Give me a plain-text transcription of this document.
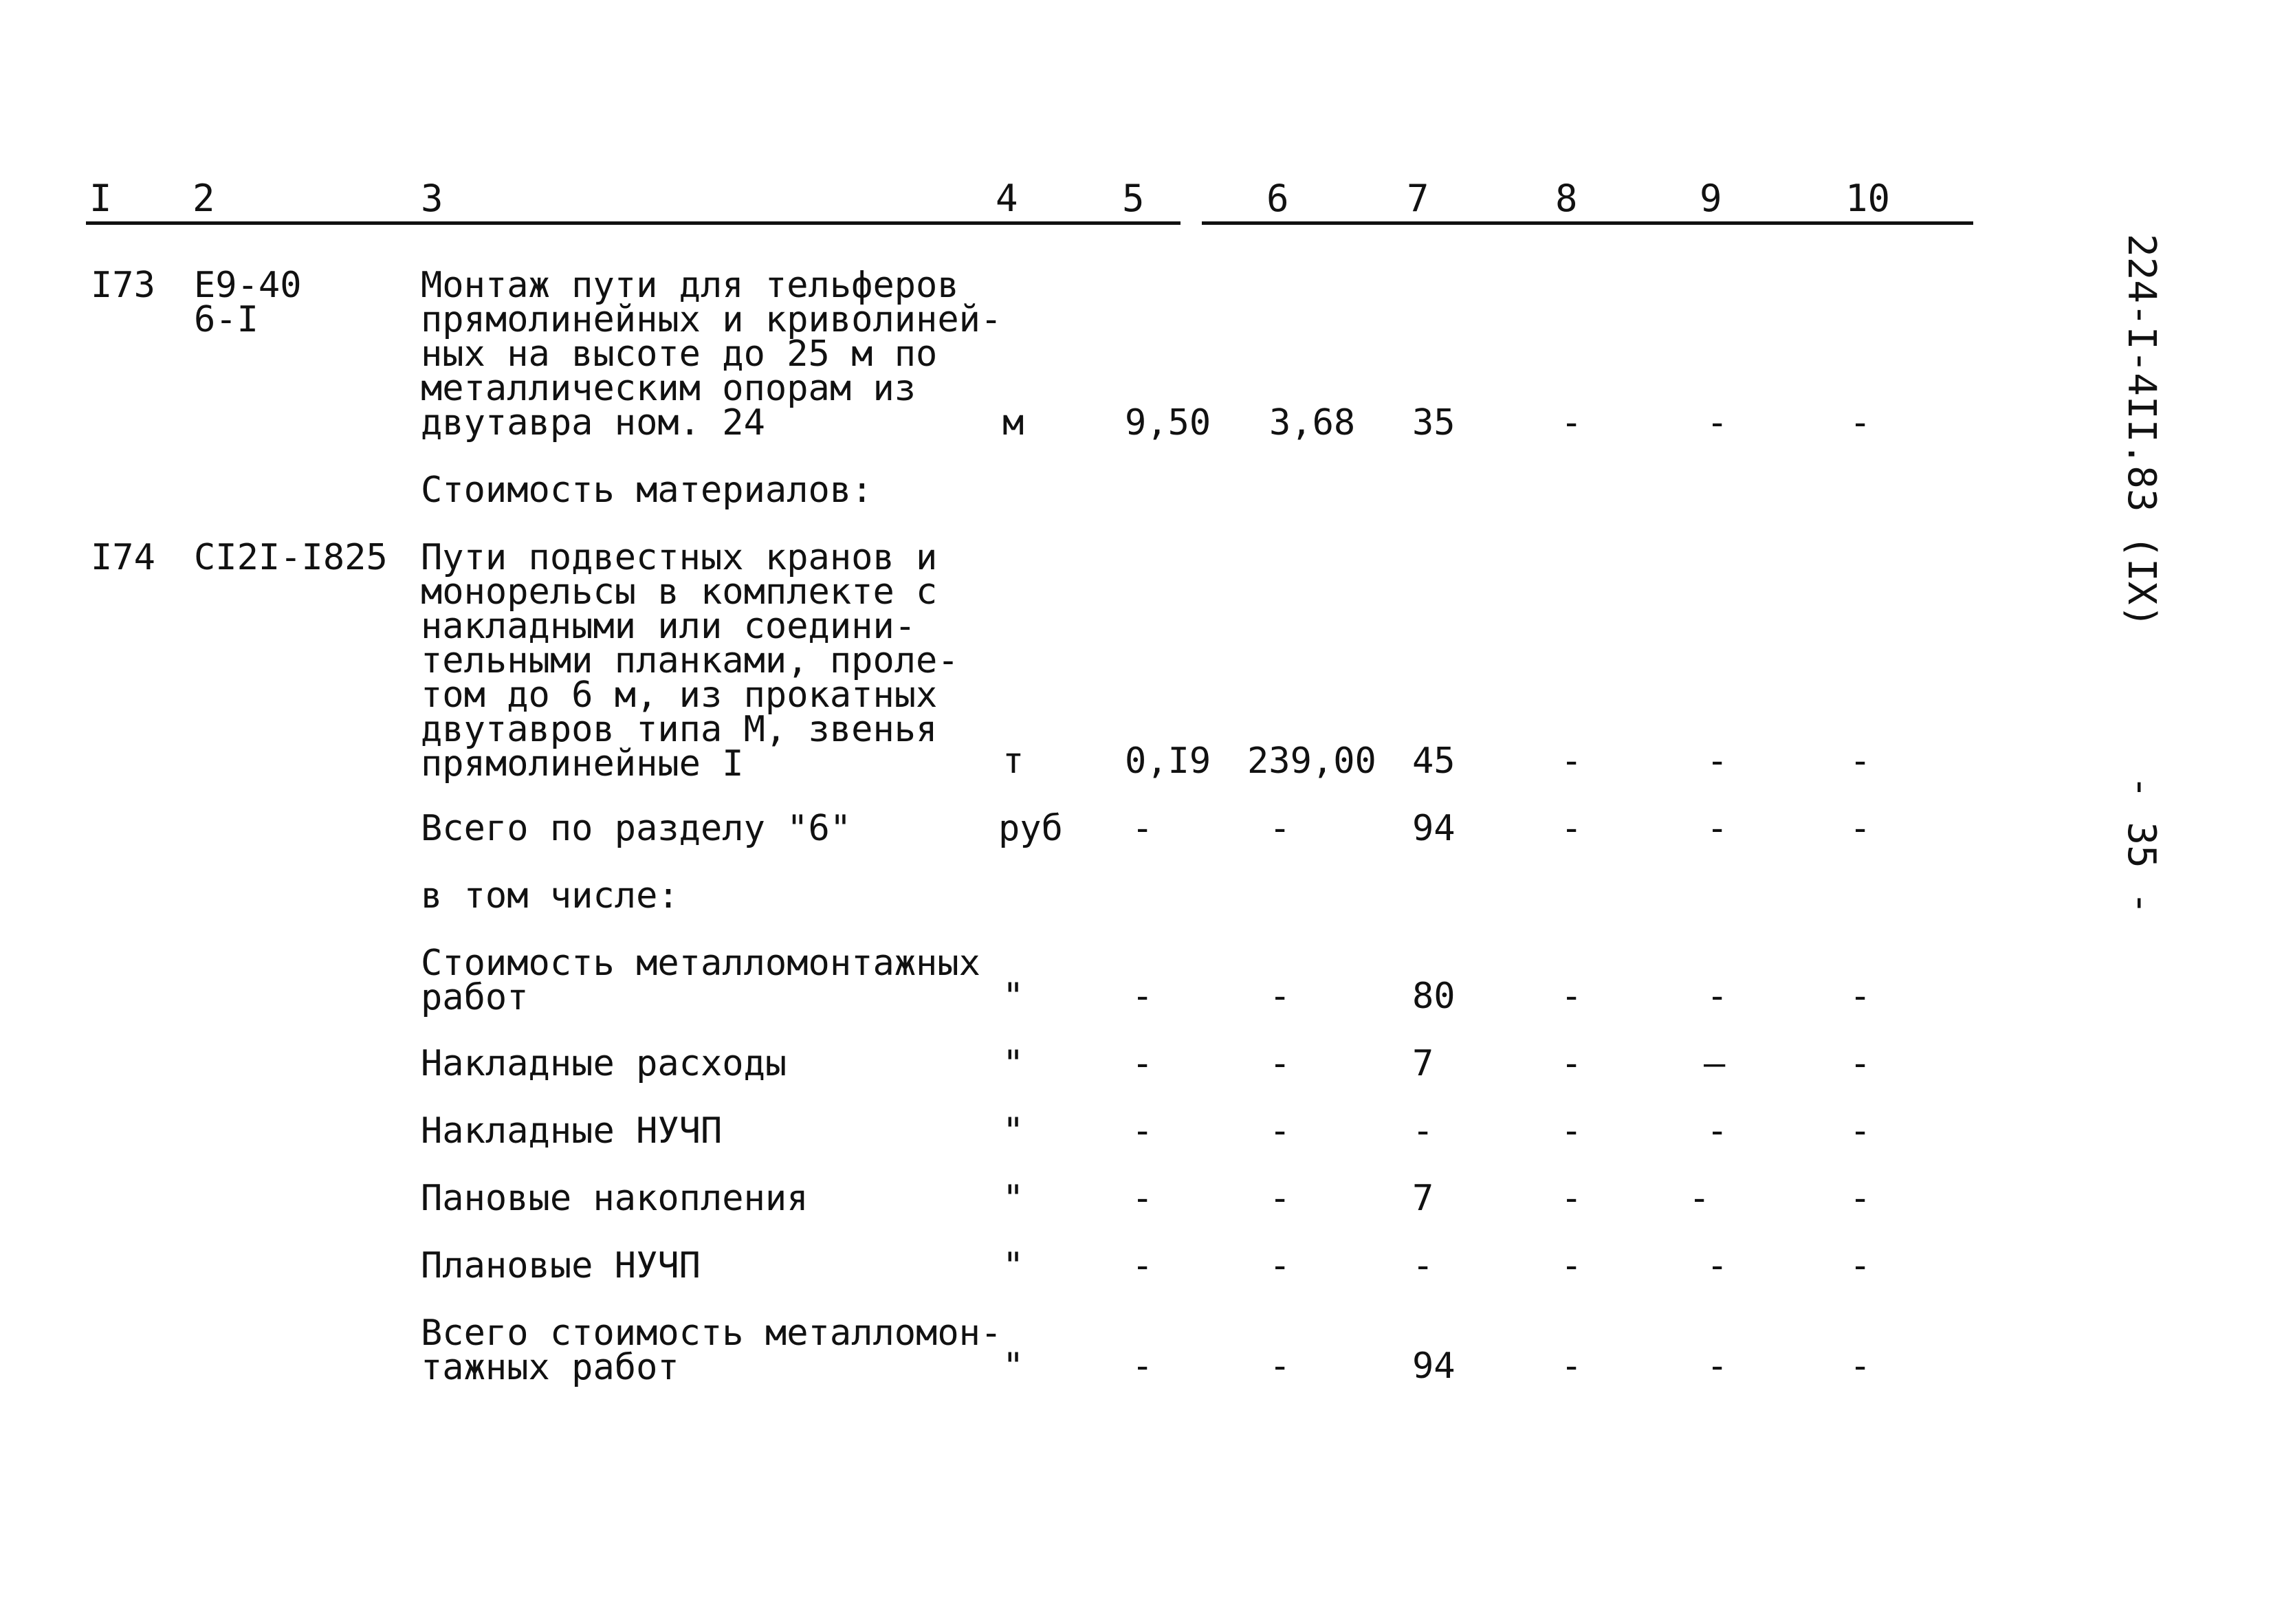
I 2	3	4	5	6	7	8	9	10
I73 Е9-40
6-I
Монтаж пути для тельферов
прямолинейных и криволиней-
ных на высоте до 25 м по
металлическим опорам из
двутавра ном. 24	м	9,50 3,68 35	-	-	-
Стоимость материалов:
I74 СI2I-I825 Пути подвестных кранов и
монорельсы в комплекте с
накладными или соедини-
тельными планками, проле-
том до 6 м, из прокатных
двутавров типа М, звенья
прямолинейные I	т	0,I9 239,00 45	-	-	-
Всего по разделу "6"	руб -	-	94	-	-	-
в том числе:
Стоимость металломонтажных
работ	"	-	-	80	-	-	-
Накладные расходы	"	-	-	7	-	—	-
Накладные НУЧП	"	-	-	-	-	-	-
Пановые накопления	"	-	-	7	-	-	-
Плановые НУЧП	"	-	-	-	-	-	-
Всего стоимость металломон-
тажных работ	"	-	-	94	-	-	-
224-I-4II.83 (IX)
- 35 -
